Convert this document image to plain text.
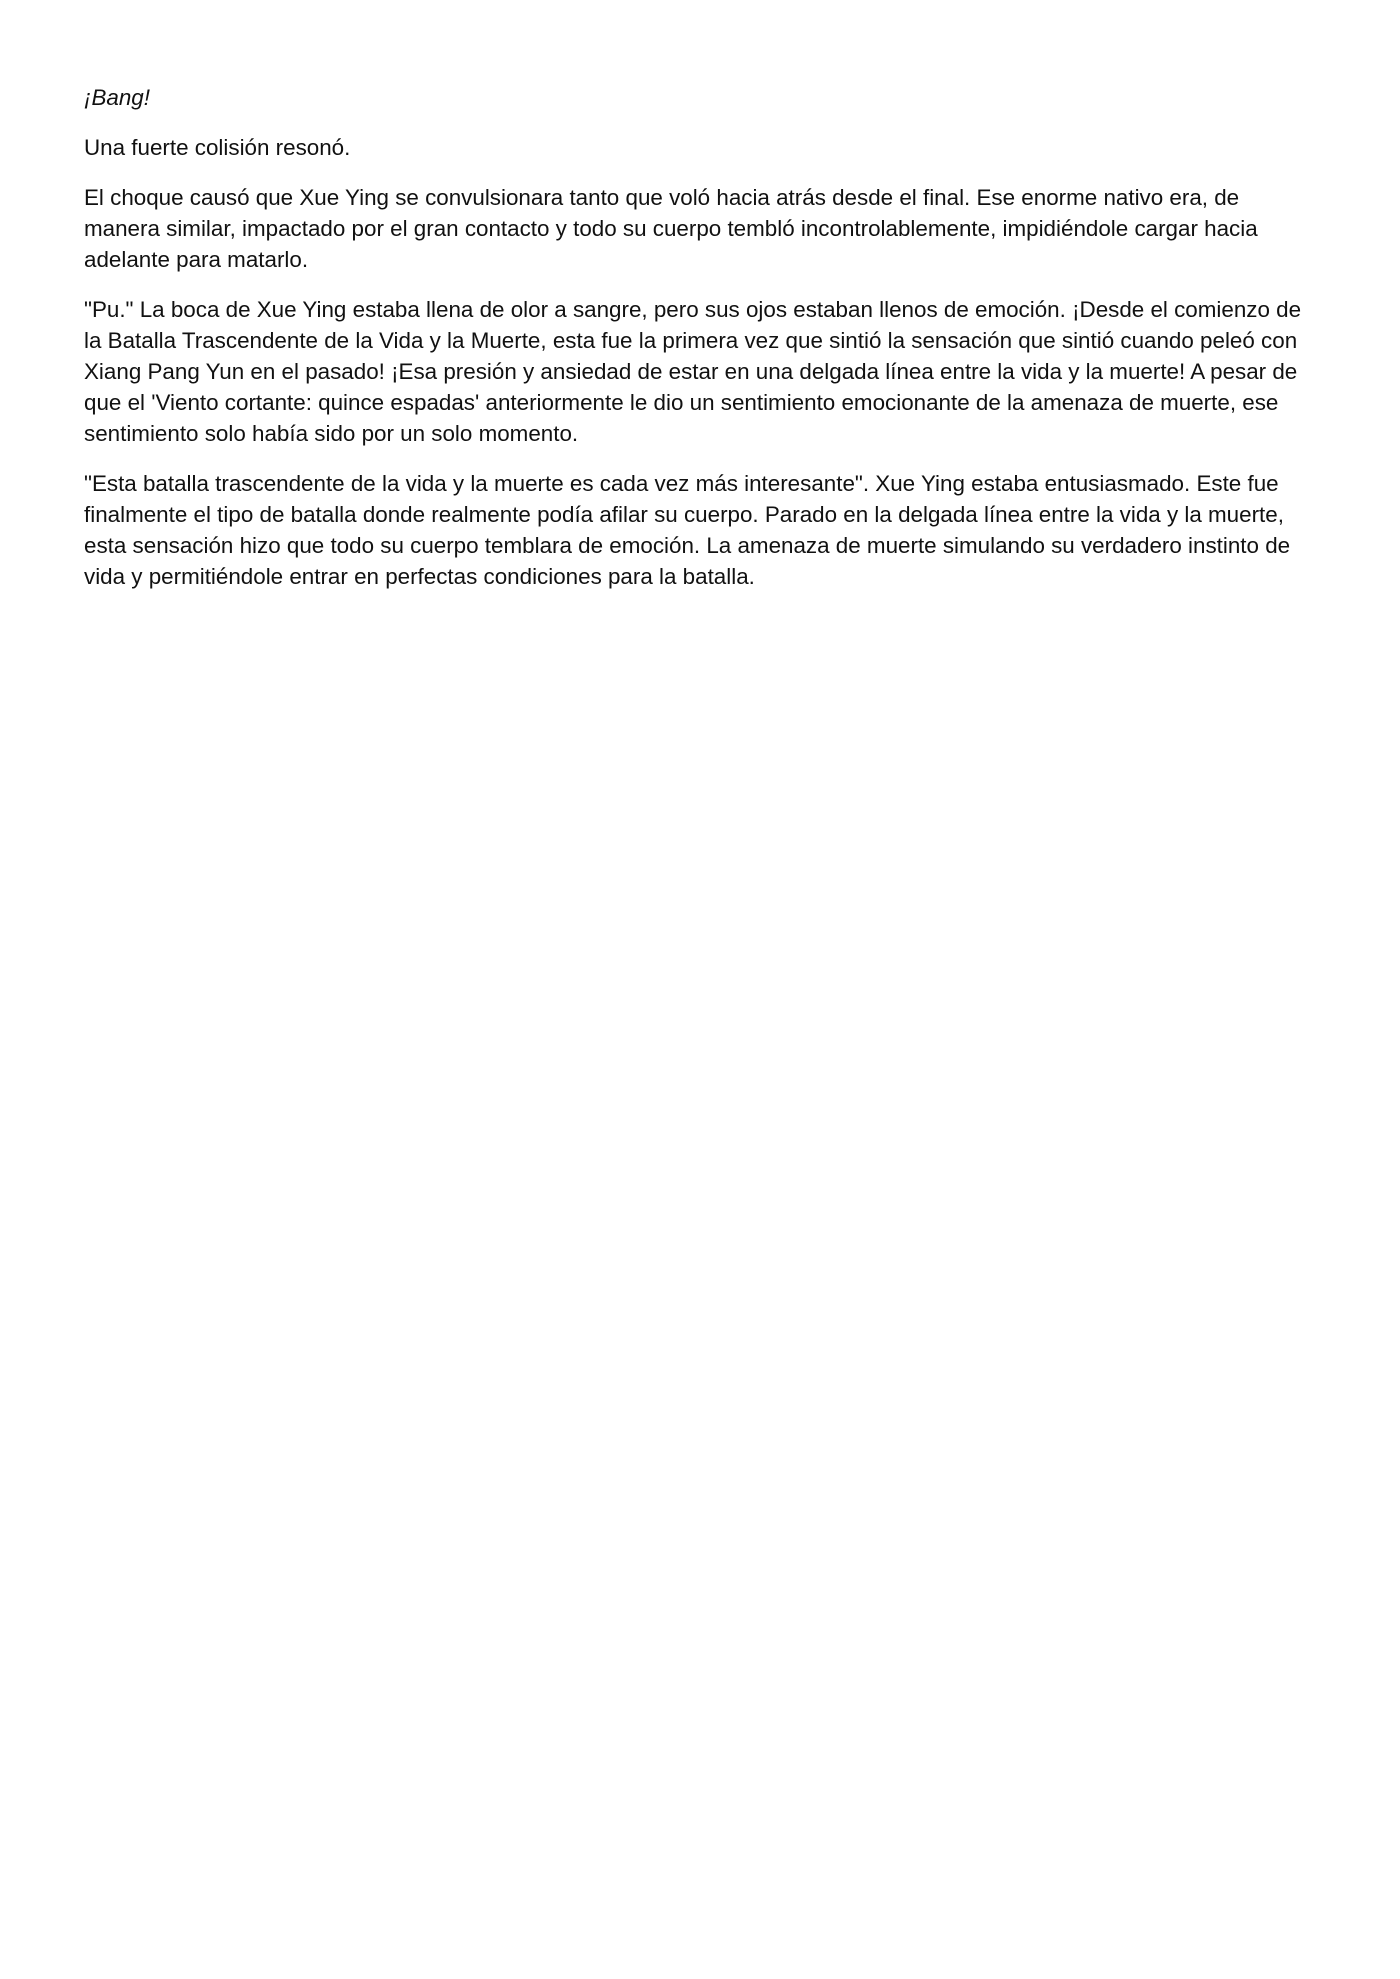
¡Bang!

Una fuerte colisión resonó.

El choque causó que Xue Ying se convulsionara tanto que voló hacia atrás desde el final. Ese enorme nativo era, de manera similar, impactado por el gran contacto y todo su cuerpo tembló incontrolablemente, impidiéndole cargar hacia adelante para matarlo.

"Pu." La boca de Xue Ying estaba llena de olor a sangre, pero sus ojos estaban llenos de emoción. ¡Desde el comienzo de la Batalla Trascendente de la Vida y la Muerte, esta fue la primera vez que sintió la sensación que sintió cuando peleó con Xiang Pang Yun en el pasado! ¡Esa presión y ansiedad de estar en una delgada línea entre la vida y la muerte! A pesar de que el 'Viento cortante: quince espadas' anteriormente le dio un sentimiento emocionante de la amenaza de muerte, ese sentimiento solo había sido por un solo momento.

"Esta batalla trascendente de la vida y la muerte es cada vez más interesante". Xue Ying estaba entusiasmado. Este fue finalmente el tipo de batalla donde realmente podía afilar su cuerpo. Parado en la delgada línea entre la vida y la muerte, esta sensación hizo que todo su cuerpo temblara de emoción. La amenaza de muerte simulando su verdadero instinto de vida y permitiéndole entrar en perfectas condiciones para la batalla.
